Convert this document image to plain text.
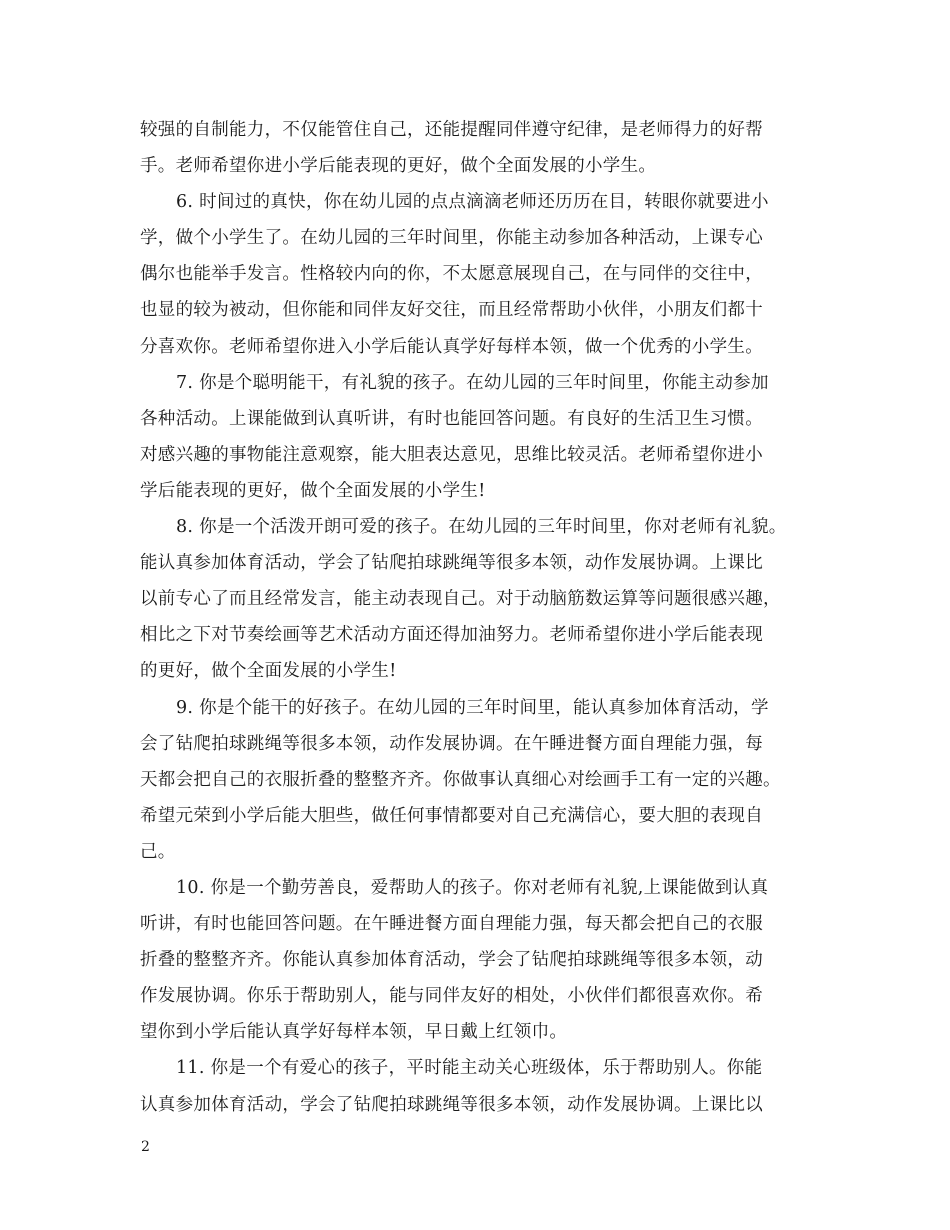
较强的自制能力，不仅能管住自己，还能提醒同伴遵守纪律，是老师得力的好帮
手。老师希望你进小学后能表现的更好，做个全面发展的小学生。
6. 时间过的真快，你在幼儿园的点点滴滴老师还历历在目，转眼你就要进小
学，做个小学生了。在幼儿园的三年时间里，你能主动参加各种活动，上课专心
偶尔也能举手发言。性格较内向的你，不太愿意展现自己，在与同伴的交往中，
也显的较为被动，但你能和同伴友好交往，而且经常帮助小伙伴，小朋友们都十
分喜欢你。老师希望你进入小学后能认真学好每样本领，做一个优秀的小学生。
7. 你是个聪明能干，有礼貌的孩子。在幼儿园的三年时间里，你能主动参加
各种活动。上课能做到认真听讲，有时也能回答问题。有良好的生活卫生习惯。
对感兴趣的事物能注意观察，能大胆表达意见，思维比较灵活。老师希望你进小
学后能表现的更好，做个全面发展的小学生!
8. 你是一个活泼开朗可爱的孩子。在幼儿园的三年时间里，你对老师有礼貌。
能认真参加体育活动，学会了钻爬拍球跳绳等很多本领，动作发展协调。上课比
以前专心了而且经常发言，能主动表现自己。对于动脑筋数运算等问题很感兴趣，
相比之下对节奏绘画等艺术活动方面还得加油努力。老师希望你进小学后能表现
的更好，做个全面发展的小学生!
9. 你是个能干的好孩子。在幼儿园的三年时间里，能认真参加体育活动，学
会了钻爬拍球跳绳等很多本领，动作发展协调。在午睡进餐方面自理能力强，每
天都会把自己的衣服折叠的整整齐齐。你做事认真细心对绘画手工有一定的兴趣。
希望元荣到小学后能大胆些，做任何事情都要对自己充满信心，要大胆的表现自
己。
10. 你是一个勤劳善良，爱帮助人的孩子。你对老师有礼貌,上课能做到认真
听讲，有时也能回答问题。在午睡进餐方面自理能力强，每天都会把自己的衣服
折叠的整整齐齐。你能认真参加体育活动，学会了钻爬拍球跳绳等很多本领，动
作发展协调。你乐于帮助别人，能与同伴友好的相处，小伙伴们都很喜欢你。希
望你到小学后能认真学好每样本领，早日戴上红领巾。
11. 你是一个有爱心的孩子，平时能主动关心班级体，乐于帮助别人。你能
认真参加体育活动，学会了钻爬拍球跳绳等很多本领，动作发展协调。上课比以
2
